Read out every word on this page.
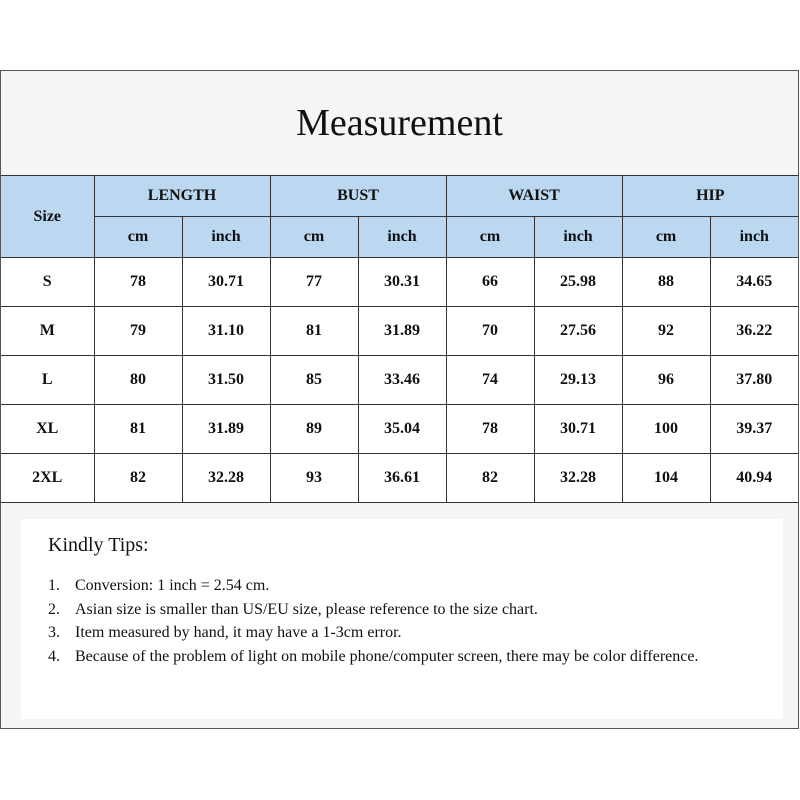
Measurement
Size	LENGTH		BUST		WAIST		HIP	
	cm	inch	cm	inch	cm	inch	cm	inch
S	78	30.71	77	30.31	66	25.98	88	34.65
M	79	31.10	81	31.89	70	27.56	92	36.22
L	80	31.50	85	33.46	74	29.13	96	37.80
XL	81	31.89	89	35.04	78	30.71	100	39.37
2XL	82	32.28	93	36.61	82	32.28	104	40.94
Kindly Tips:
1. Conversion: 1 inch = 2.54 cm.
2. Asian size is smaller than US/EU size, please reference to the size chart.
3. Item measured by hand, it may have a 1-3cm error.
4. Because of the problem of light on mobile phone/computer screen, there may be color difference.
